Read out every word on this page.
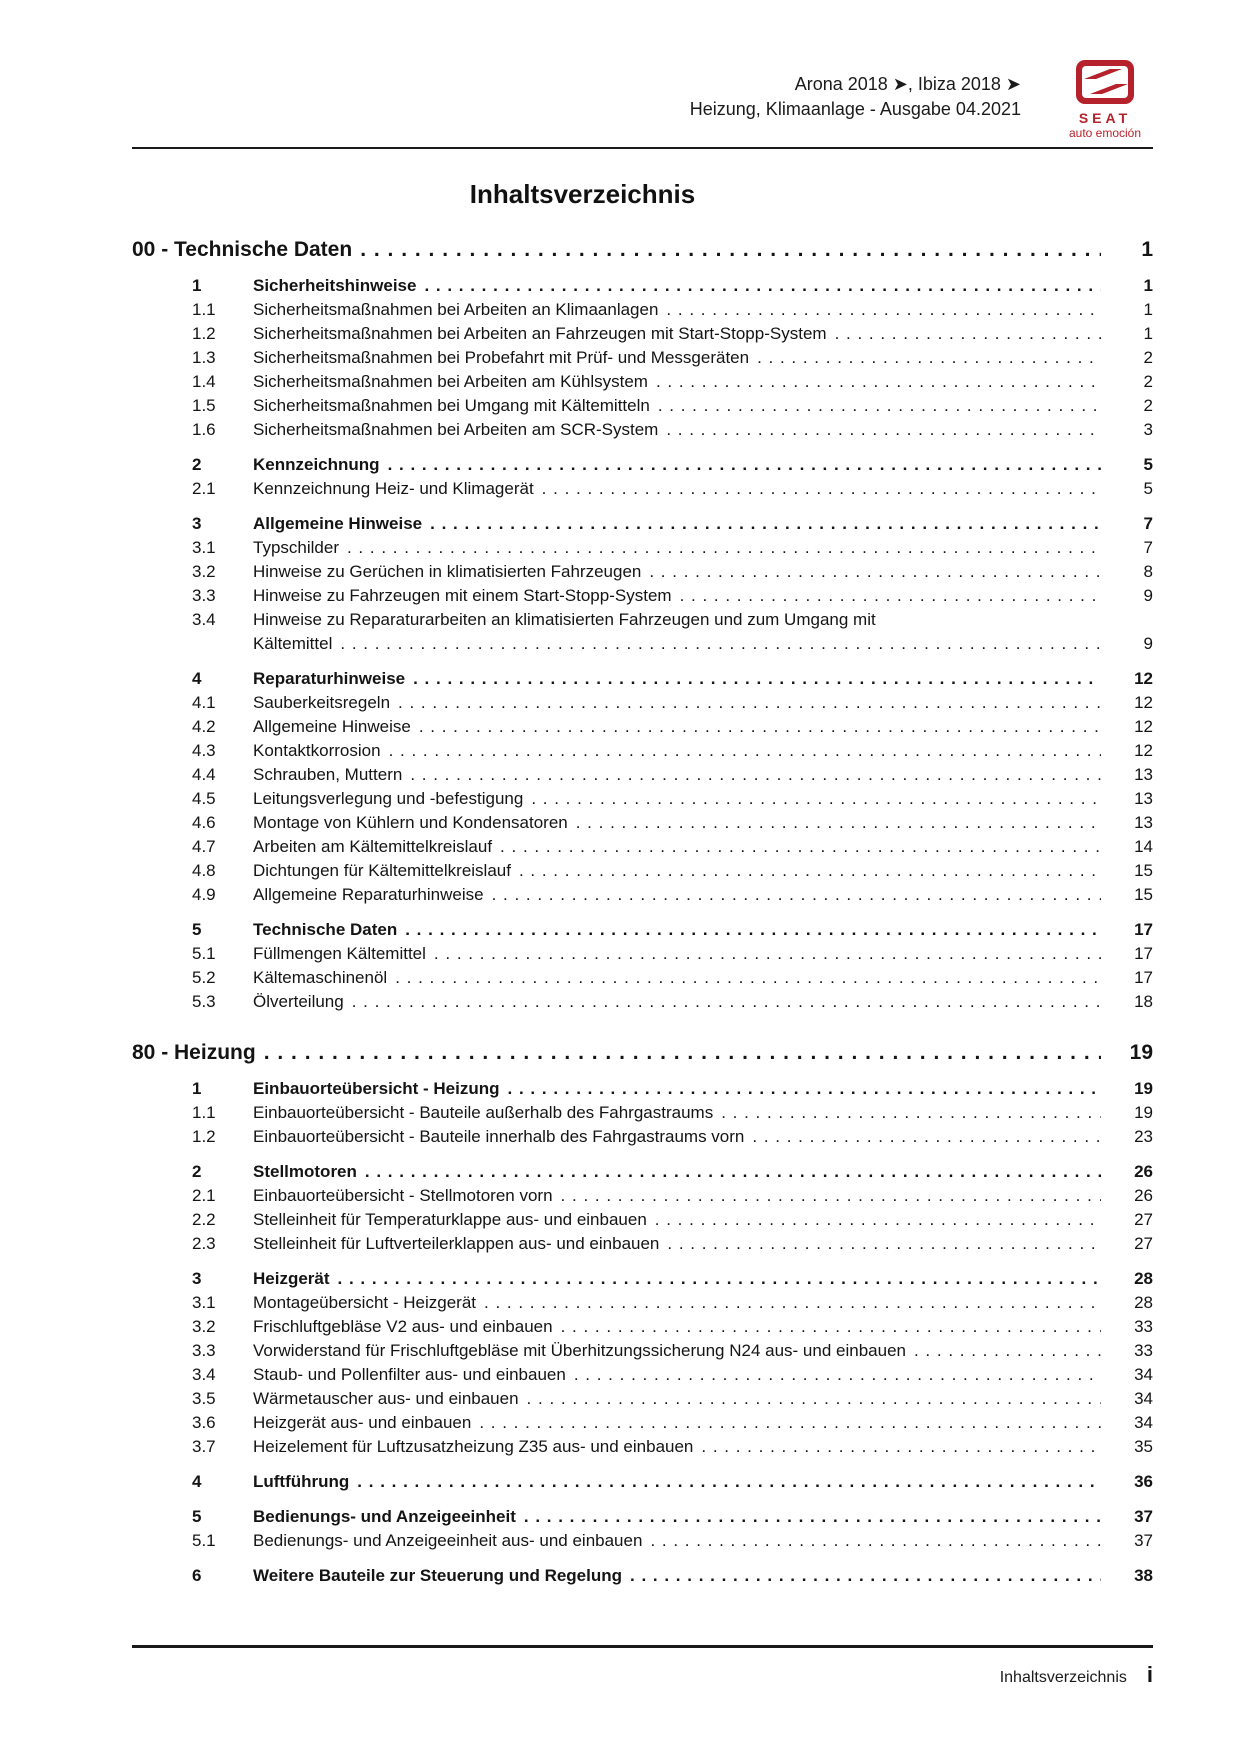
Arona 2018 ➤, Ibiza 2018 ➤
Heizung, Klimaanlage - Ausgabe 04.2021	SEAT
auto emoción
Inhaltsverzeichnis
00 - Technische Daten . . .	1
1	Sicherheitshinweise . . .	1
1.1	Sicherheitsmaßnahmen bei Arbeiten an Klimaanlagen . . .	1
1.2	Sicherheitsmaßnahmen bei Arbeiten an Fahrzeugen mit Start-Stopp-System . . .	1
1.3	Sicherheitsmaßnahmen bei Probefahrt mit Prüf- und Messgeräten . . .	2
1.4	Sicherheitsmaßnahmen bei Arbeiten am Kühlsystem . . .	2
1.5	Sicherheitsmaßnahmen bei Umgang mit Kältemitteln . . .	2
1.6	Sicherheitsmaßnahmen bei Arbeiten am SCR-System . . .	3
2	Kennzeichnung . . .	5
2.1	Kennzeichnung Heiz- und Klimagerät . . .	5
3	Allgemeine Hinweise . . .	7
3.1	Typschilder . . .	7
3.2	Hinweise zu Gerüchen in klimatisierten Fahrzeugen . . .	8
3.3	Hinweise zu Fahrzeugen mit einem Start-Stopp-System . . .	9
3.4	Hinweise zu Reparaturarbeiten an klimatisierten Fahrzeugen und zum Umgang mit
Kältemittel . . .	9
4	Reparaturhinweise . . .	12
4.1	Sauberkeitsregeln . . .	12
4.2	Allgemeine Hinweise . . .	12
4.3	Kontaktkorrosion . . .	12
4.4	Schrauben, Muttern . . .	13
4.5	Leitungsverlegung und -befestigung . . .	13
4.6	Montage von Kühlern und Kondensatoren . . .	13
4.7	Arbeiten am Kältemittelkreislauf . . .	14
4.8	Dichtungen für Kältemittelkreislauf . . .	15
4.9	Allgemeine Reparaturhinweise . . .	15
5	Technische Daten . . .	17
5.1	Füllmengen Kältemittel . . .	17
5.2	Kältemaschinenöl . . .	17
5.3	Ölverteilung . . .	18
80 - Heizung . . .	19
1	Einbauorteübersicht - Heizung . . .	19
1.1	Einbauorteübersicht - Bauteile außerhalb des Fahrgastraums . . .	19
1.2	Einbauorteübersicht - Bauteile innerhalb des Fahrgastraums vorn . . .	23
2	Stellmotoren . . .	26
2.1	Einbauorteübersicht - Stellmotoren vorn . . .	26
2.2	Stelleinheit für Temperaturklappe aus- und einbauen . . .	27
2.3	Stelleinheit für Luftverteilerklappen aus- und einbauen . . .	27
3	Heizgerät . . .	28
3.1	Montageübersicht - Heizgerät . . .	28
3.2	Frischluftgebläse V2 aus- und einbauen . . .	33
3.3	Vorwiderstand für Frischluftgebläse mit Überhitzungssicherung N24 aus- und einbauen . . .	33
3.4	Staub- und Pollenfilter aus- und einbauen . . .	34
3.5	Wärmetauscher aus- und einbauen . . .	34
3.6	Heizgerät aus- und einbauen . . .	34
3.7	Heizelement für Luftzusatzheizung Z35 aus- und einbauen . . .	35
4	Luftführung . . .	36
5	Bedienungs- und Anzeigeeinheit . . .	37
5.1	Bedienungs- und Anzeigeeinheit aus- und einbauen . . .	37
6	Weitere Bauteile zur Steuerung und Regelung . . .	38
Inhaltsverzeichnis i
